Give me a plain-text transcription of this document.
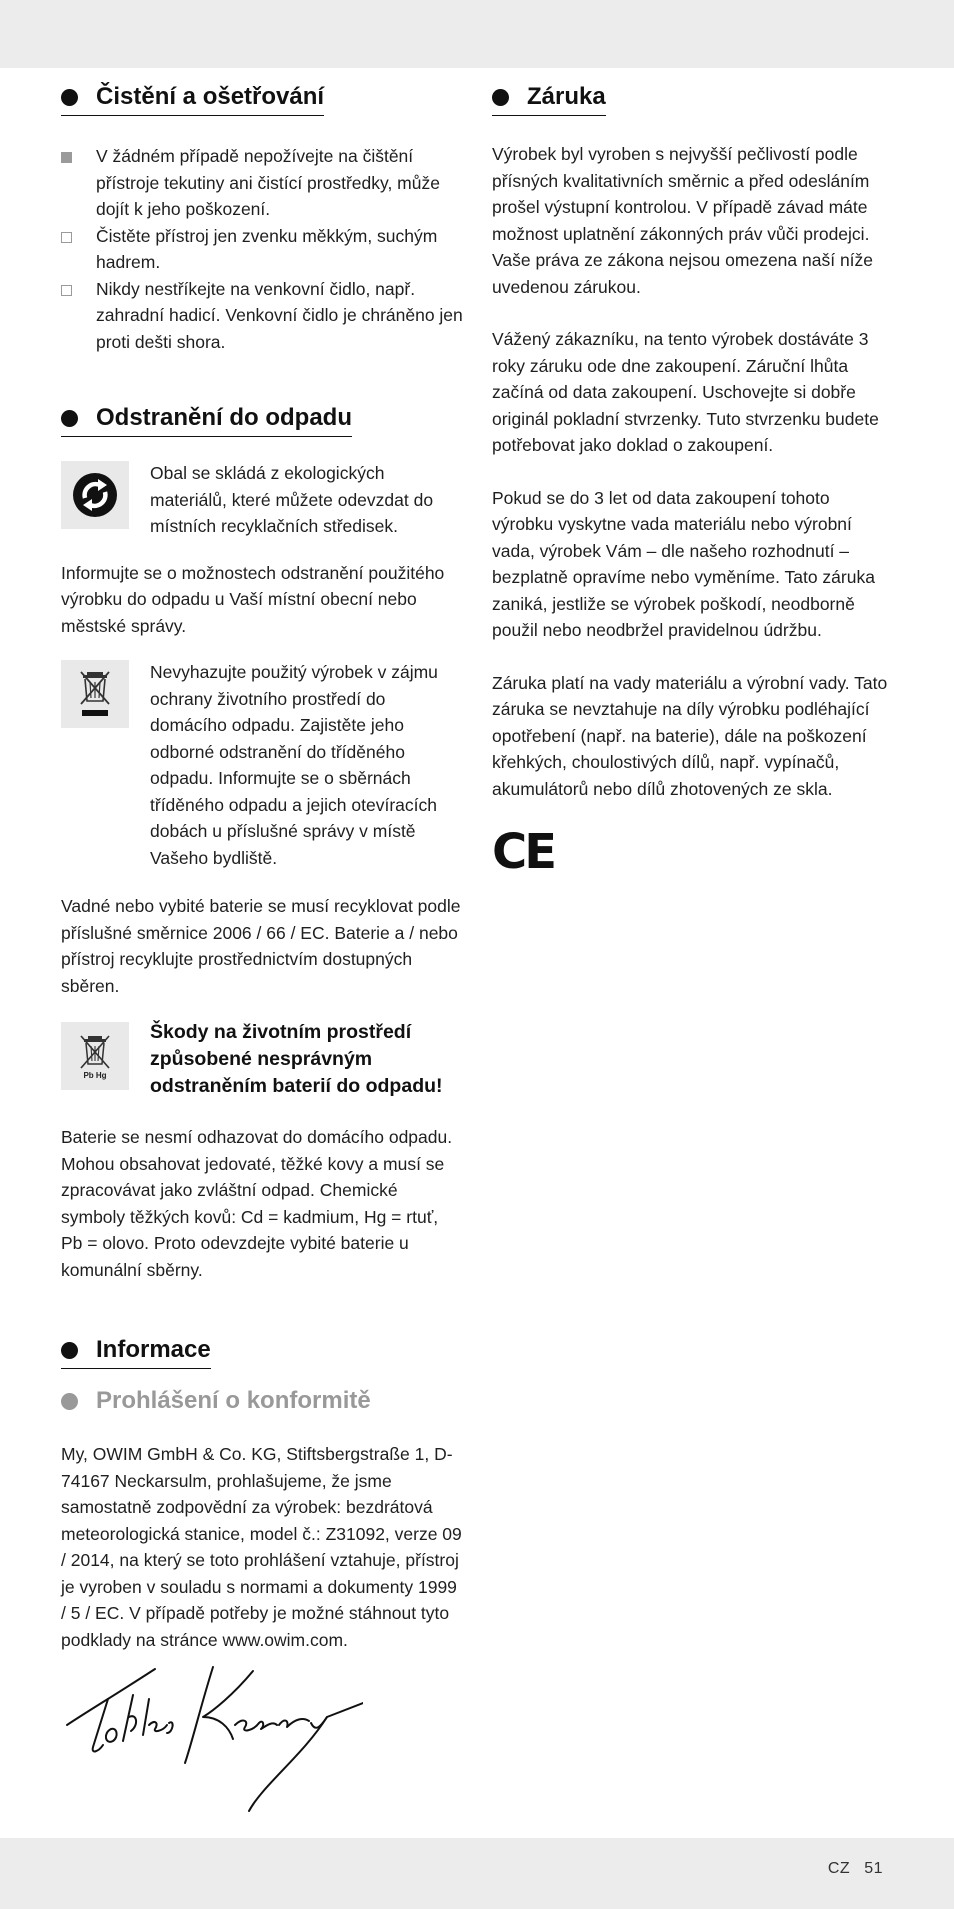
Čistění a ošetřování
V žádném případě nepožívejte na čištění přístroje tekutiny ani čistící prostředky, může dojít k jeho poškození.
Čistěte přístroj jen zvenku měkkým, suchým hadrem.
Nikdy nestříkejte na venkovní čidlo, např. zahradní hadicí. Venkovní čidlo je chráněno jen proti dešti shora.
Odstranění do odpadu

Obal se skládá z ekologických materiálů, které můžete odevzdat do místních recyklačních středisek.

Informujte se o možnostech odstranění použitého výrobku do odpadu u Vaší místní obecní nebo městské správy.

Nevyhazujte použitý výrobek v zájmu ochrany životního prostředí do domácího odpadu. Zajistěte jeho odborné odstranění do tříděného odpadu. Informujte se o sběrnách tříděného odpadu a jejich otevíracích dobách u příslušné správy v místě Vašeho bydliště.

Vadné nebo vybité baterie se musí recyklovat podle příslušné směrnice 2006 / 66 / EC. Baterie a / nebo přístroj recyklujte prostřednictvím dostupných sběren.

Pb Hg

Škody na životním prostředí způsobené nesprávným odstraněním baterií do odpadu!

Baterie se nesmí odhazovat do domácího odpadu. Mohou obsahovat jedovaté, těžké kovy a musí se zpracovávat jako zvláštní odpad. Chemické symboly těžkých kovů: Cd = kadmium, Hg = rtuť, Pb = olovo. Proto odevzdejte vybité baterie u komunální sběrny.

Informace
Prohlášení o konformitě

My, OWIM GmbH & Co. KG, Stiftsbergstraße 1, D-74167 Neckarsulm, prohlašujeme, že jsme samostatně zodpovědní za výrobek: bezdrátová meteorologická stanice, model č.: Z31092, verze 09 / 2014, na který se toto prohlášení vztahuje, přístroj je vyroben v souladu s normami a dokumenty 1999 / 5 / EC. V případě potřeby je možné stáhnout tyto podklady na stránce www.owim.com.

Záruka

Výrobek byl vyroben s nejvyšší pečlivostí podle přísných kvalitativních směrnic a před odesláním prošel výstupní kontrolou. V případě závad máte možnost uplatnění zákonných práv vůči prodejci. Vaše práva ze zákona nejsou omezena naší níže uvedenou zárukou.

Vážený zákazníku, na tento výrobek dostáváte 3 roky záruku ode dne zakoupení. Záruční lhůta začíná od data zakoupení. Uschovejte si dobře originál pokladní stvrzenky. Tuto stvrzenku budete potřebovat jako doklad o zakoupení.

Pokud se do 3 let od data zakoupení tohoto výrobku vyskytne vada materiálu nebo výrobní vada, výrobek Vám – dle našeho rozhodnutí – bezplatně opravíme nebo vyměníme. Tato záruka zaniká, jestliže se výrobek poškodí, neodborně použil nebo neodbržel pravidelnou údržbu.

Záruka platí na vady materiálu a výrobní vady. Tato záruka se nevztahuje na díly výrobku podléhající opotřebení (např. na baterie), dále na poškození křehkých, choulostivých dílů, např. vypínačů, akumulátorů nebo dílů zhotovených ze skla.

CE
CZ 51
